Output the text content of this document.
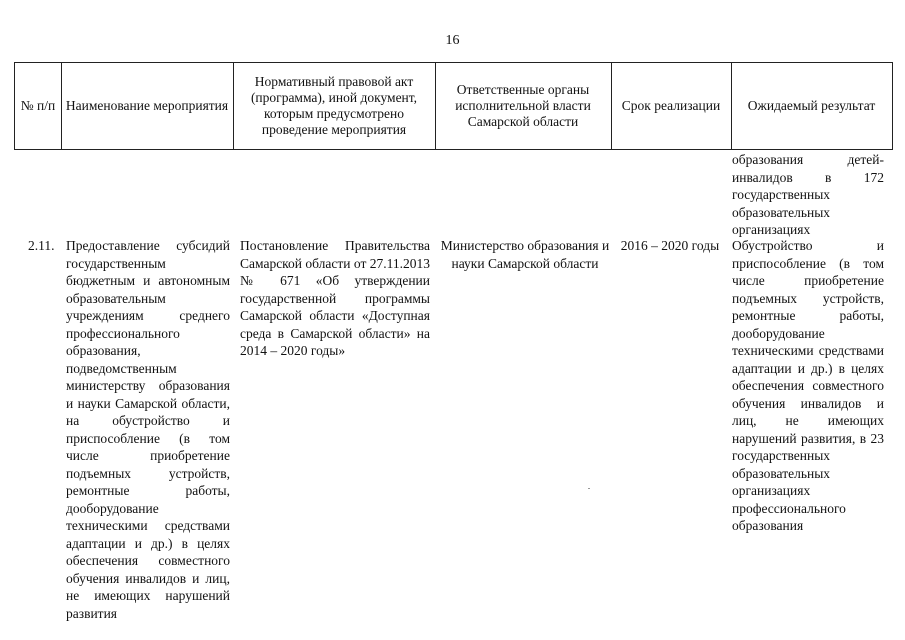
16
№ п/п Наименование мероприятия
Нормативный правовой акт (программа), иной документ, которым предусмотрено проведение мероприятия
Ответственные органы исполнительной власти Самарской области
Срок реализации	Ожидаемый результат
образования детей-инвалидов в 172 государственных образовательных организациях
2.11. Предоставление субсидий государственным бюджетным и автономным образовательным учреждениям среднего профессионального образования, подведомственным министерству образования и науки Самарской области, на обустройство и приспособление (в том числе приобретение подъемных устройств, ремонтные работы, дооборудование техническими средствами адаптации и др.) в целях обеспечения совместного обучения инвалидов и лиц, не имеющих нарушений развития
Постановление Правительства Самарской области от 27.11.2013 № 671 «Об утверждении государственной программы Самарской области «Доступная среда в Самарской области» на 2014 – 2020 годы»
Министерство образования и науки Самарской области
2016 – 2020 годы Обустройство и приспособление (в том числе приобретение подъемных устройств, ремонтные работы, дооборудование техническими средствами адаптации и др.) в целях обеспечения совместного обучения инвалидов и лиц, не имеющих нарушений развития, в 23 государственных образовательных организациях профессионального образования
